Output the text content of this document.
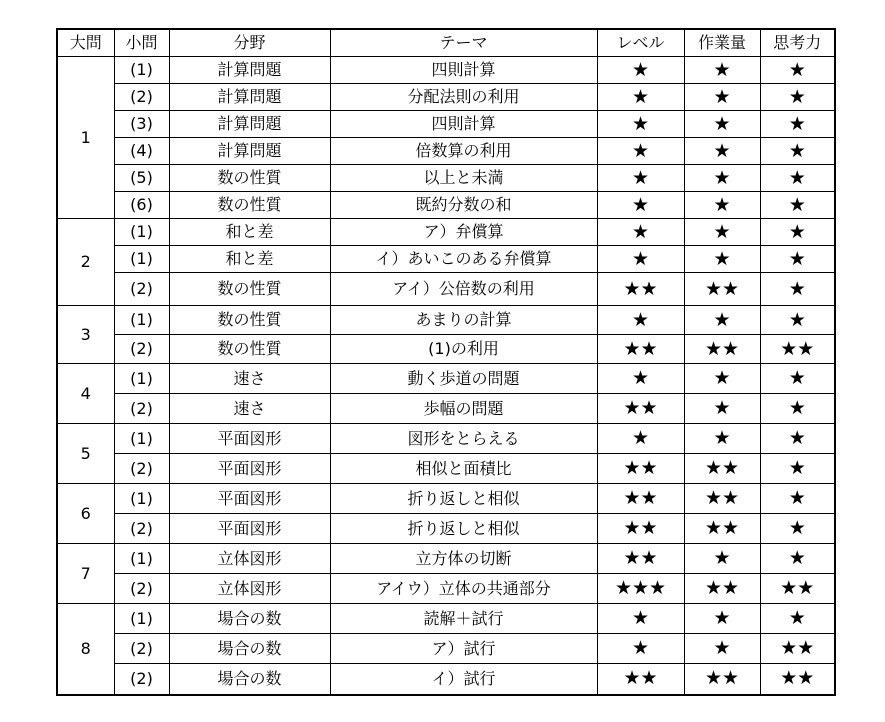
大問	小問	分野	テーマ	レベル	作業量	思考力
1	(1)	計算問題	四則計算	★	★	★
	(2)	計算問題	分配法則の利用	★	★	★
	(3)	計算問題	四則計算	★	★	★
	(4)	計算問題	倍数算の利用	★	★	★
	(5)	数の性質	以上と未満	★	★	★
	(6)	数の性質	既約分数の和	★	★	★
2	(1)	和と差	ア）弁償算	★	★	★
	(1)	和と差	イ）あいこのある弁償算	★	★	★
	(2)	数の性質	アイ）公倍数の利用	★★	★★	★
3	(1)	数の性質	あまりの計算	★	★	★
	(2)	数の性質	(1)の利用	★★	★★	★★
4	(1)	速さ	動く歩道の問題	★	★	★
	(2)	速さ	歩幅の問題	★★	★	★
5	(1)	平面図形	図形をとらえる	★	★	★
	(2)	平面図形	相似と面積比	★★	★★	★
6	(1)	平面図形	折り返しと相似	★★	★★	★
	(2)	平面図形	折り返しと相似	★★	★★	★
7	(1)	立体図形	立方体の切断	★★	★	★
	(2)	立体図形	アイウ）立体の共通部分	★★★	★★	★★
8	(1)	場合の数	読解＋試行	★	★	★
	(2)	場合の数	ア）試行	★	★	★★
	(2)	場合の数	イ）試行	★★	★★	★★
